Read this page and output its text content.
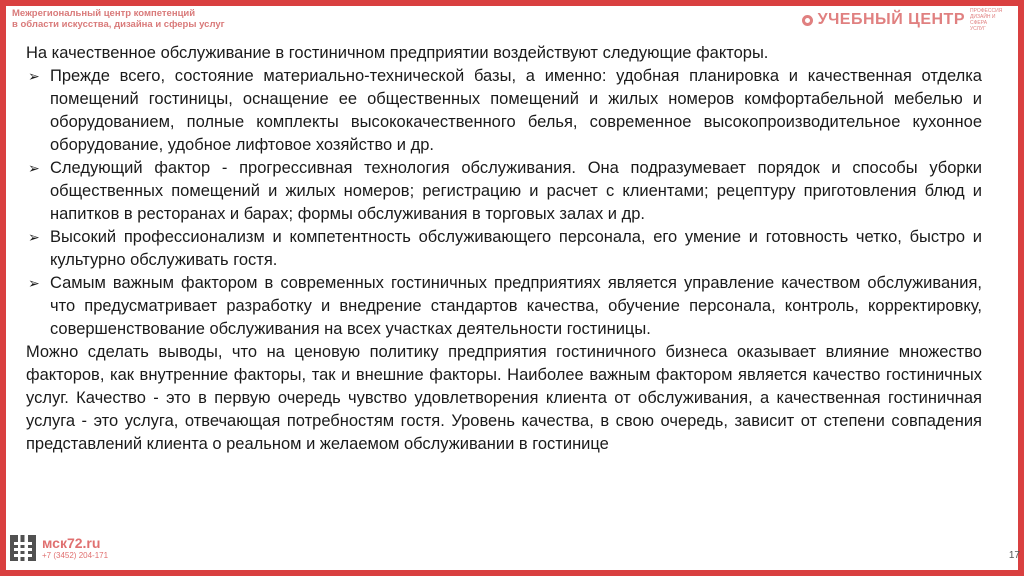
Межрегиональный центр компетенций
в области искусства, дизайна и сферы услуг	УЧЕБНЫЙ ЦЕНТР ПРОФЕССИЯ ДИЗАЙН И СФЕРА УСЛУГ

На качественное обслуживание в гостиничном предприятии воздействуют следующие факторы.

➢ Прежде всего, состояние материально-технической базы, а именно: удобная планировка и качественная отделка помещений гостиницы, оснащение ее общественных помещений и жилых номеров комфортабельной мебелью и оборудованием, полные комплекты высококачественного белья, современное высокопроизводительное кухонное оборудование, удобное лифтовое хозяйство и др.
➢ Следующий фактор - прогрессивная технология обслуживания. Она подразумевает порядок и способы уборки общественных помещений и жилых номеров; регистрацию и расчет с клиентами; рецептуру приготовления блюд и напитков в ресторанах и барах; формы обслуживания в торговых залах и др.
➢ Высокий профессионализм и компетентность обслуживающего персонала, его умение и готовность четко, быстро и культурно обслуживать гостя.
➢ Самым важным фактором в современных гостиничных предприятиях является управление качеством обслуживания, что предусматривает разработку и внедрение стандартов качества, обучение персонала, контроль, корректировку, совершенствование обслуживания на всех участках деятельности гостиницы.

Можно сделать выводы, что на ценовую политику предприятия гостиничного бизнеса оказывает влияние множество факторов, как внутренние факторы, так и внешние факторы. Наиболее важным фактором является качество гостиничных услуг. Качество - это в первую очередь чувство удовлетворения клиента от обслуживания, а качественная гостиничная услуга - это услуга, отвечающая потребностям гостя. Уровень качества, в свою очередь, зависит от степени совпадения представлений клиента о реальном и желаемом обслуживании в гостинице

мск72.ru
+7 (3452) 204-171	17
